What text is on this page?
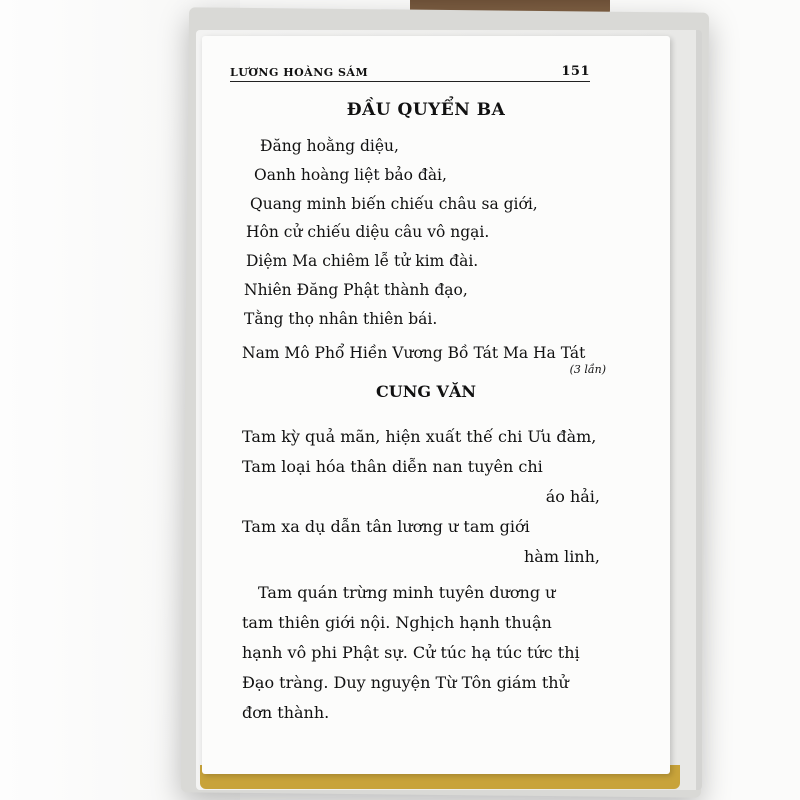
LƯƠNG HOÀNG SÁM	151
ĐẦU QUYỂN BA
Đăng hoằng diệu,
Oanh hoàng liệt bảo đài,
Quang minh biến chiếu châu sa giới,
Hôn cử chiếu diệu câu vô ngại.
Diệm Ma chiêm lễ tử kim đài.
Nhiên Đăng Phật thành đạo,
Tằng thọ nhân thiên bái.
Nam Mô Phổ Hiền Vương Bồ Tát Ma Ha Tát
(3 lần)
CUNG VĂN
Tam kỳ quả mãn, hiện xuất thế chi Ưu đàm,
Tam loại hóa thân diễn nan tuyên chi
áo hải,
Tam xa dụ dẫn tân lương ư tam giới
hàm linh,
Tam quán trừng minh tuyên dương ư
tam thiên giới nội. Nghịch hạnh thuận
hạnh vô phi Phật sự. Cử túc hạ túc tức thị
Đạo tràng. Duy nguyện Từ Tôn giám thử
đơn thành.
